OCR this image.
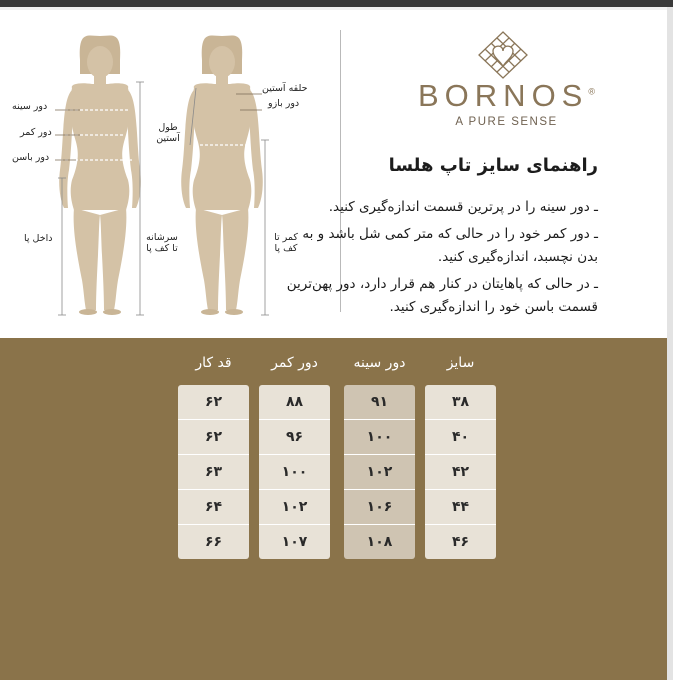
دور سینه
دور کمر
دور باسن
داخل پا	سرشانه تا کف پا
طول آستین
حلقه آستین
دور بازو
کمر تا کف پا
BORNOS®
A PURE SENSE
راهنمای سایز تاپ هلسا

ـ دور سینه را در پرترین قسمت اندازه‌گیری کنید.

ـ دور کمر خود را در حالی که متر کمی شل باشد و به بدن نچسبد، اندازه‌گیری کنید.

ـ در حالی که پاهایتان در کنار هم قرار دارد، دور پهن‌ترین قسمت باسن خود را اندازه‌گیری کنید.

سایز
۳۸
۴۰
۴۲
۴۴
۴۶
دور سینه
۹۱
۱۰۰
۱۰۲
۱۰۶
۱۰۸
دور کمر
۸۸
۹۶
۱۰۰
۱۰۲
۱۰۷
قد کار
۶۲
۶۲
۶۳
۶۴
۶۶
